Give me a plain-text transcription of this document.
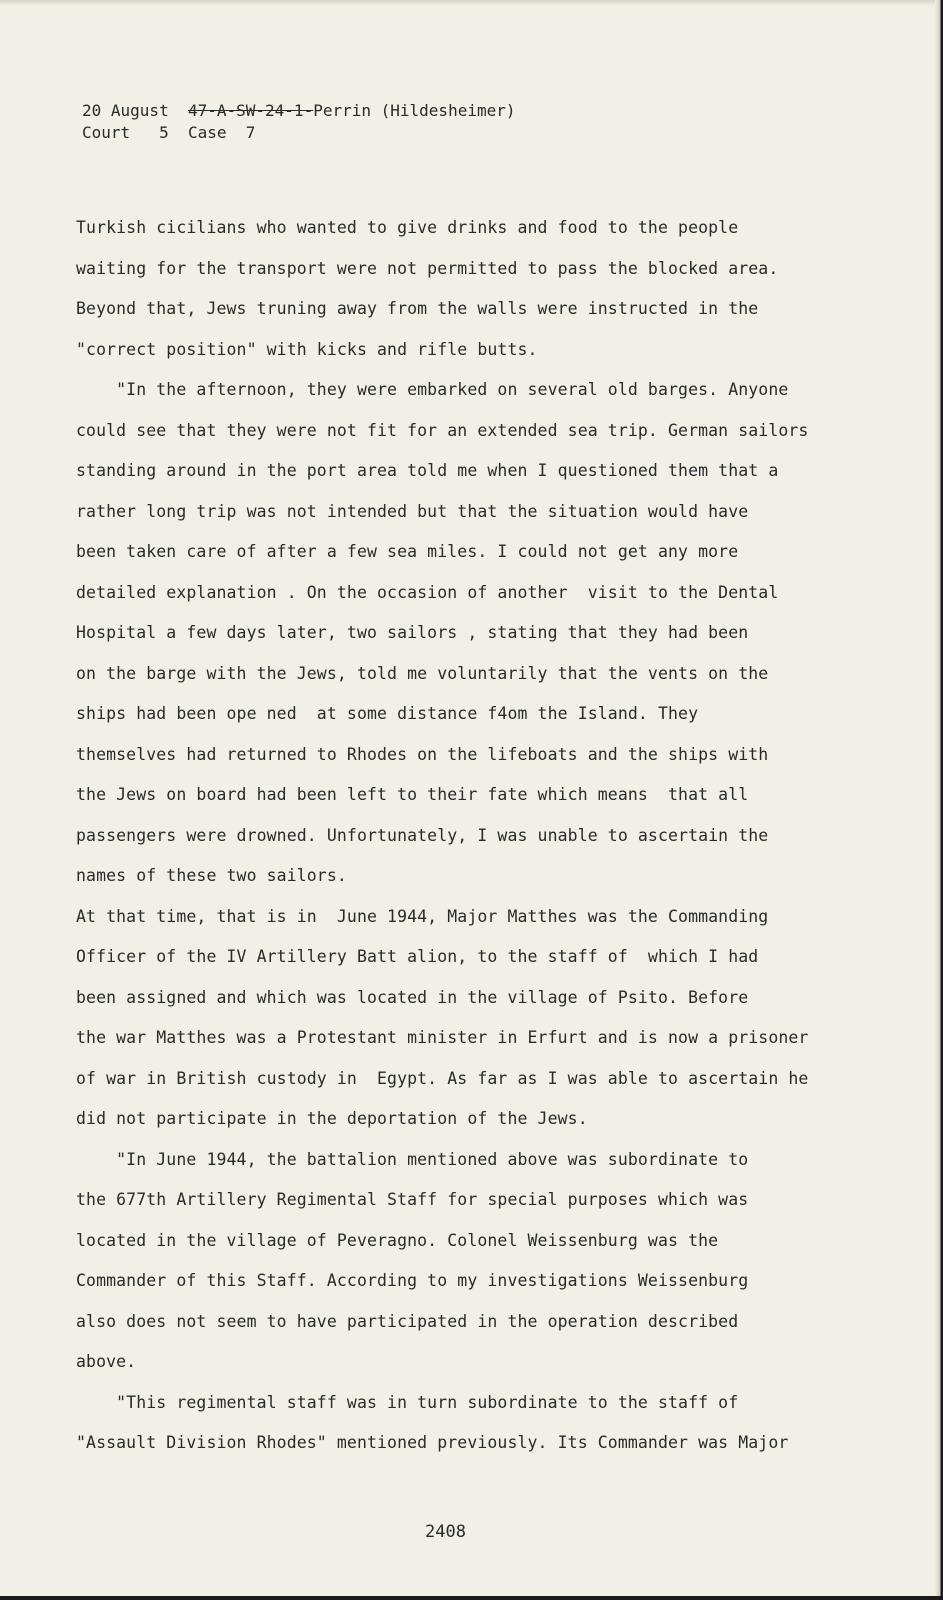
20 August 47-A-SW-24-1-Perrin (Hildesheimer)
Court   5  Case  7
Turkish cicilians who wanted to give drinks and food to the people
waiting for the transport were not permitted to pass the blocked area.
Beyond that, Jews truning away from the walls were instructed in the
"correct position" with kicks and rifle butts.
"In the afternoon, they were embarked on several old barges. Anyone
could see that they were not fit for an extended sea trip. German sailors
standing around in the port area told me when I questioned them that a
rather long trip was not intended but that the situation would have
been taken care of after a few sea miles. I could not get any more
detailed explanation . On the occasion of another  visit to the Dental
Hospital a few days later, two sailors , stating that they had been
on the barge with the Jews, told me voluntarily that the vents on the
ships had been ope ned  at some distance f4om the Island. They
themselves had returned to Rhodes on the lifeboats and the ships with
the Jews on board had been left to their fate which means  that all
passengers were drowned. Unfortunately, I was unable to ascertain the
names of these two sailors.
At that time, that is in  June 1944, Major Matthes was the Commanding
Officer of the IV Artillery Batt alion, to the staff of  which I had
been assigned and which was located in the village of Psito. Before
the war Matthes was a Protestant minister in Erfurt and is now a prisoner
of war in British custody in  Egypt. As far as I was able to ascertain he
did not participate in the deportation of the Jews.
"In June 1944, the battalion mentioned above was subordinate to
the 677th Artillery Regimental Staff for special purposes which was
located in the village of Peveragno. Colonel Weissenburg was the
Commander of this Staff. According to my investigations Weissenburg
also does not seem to have participated in the operation described
above.
"This regimental staff was in turn subordinate to the staff of
"Assault Division Rhodes" mentioned previously. Its Commander was Major
2408
